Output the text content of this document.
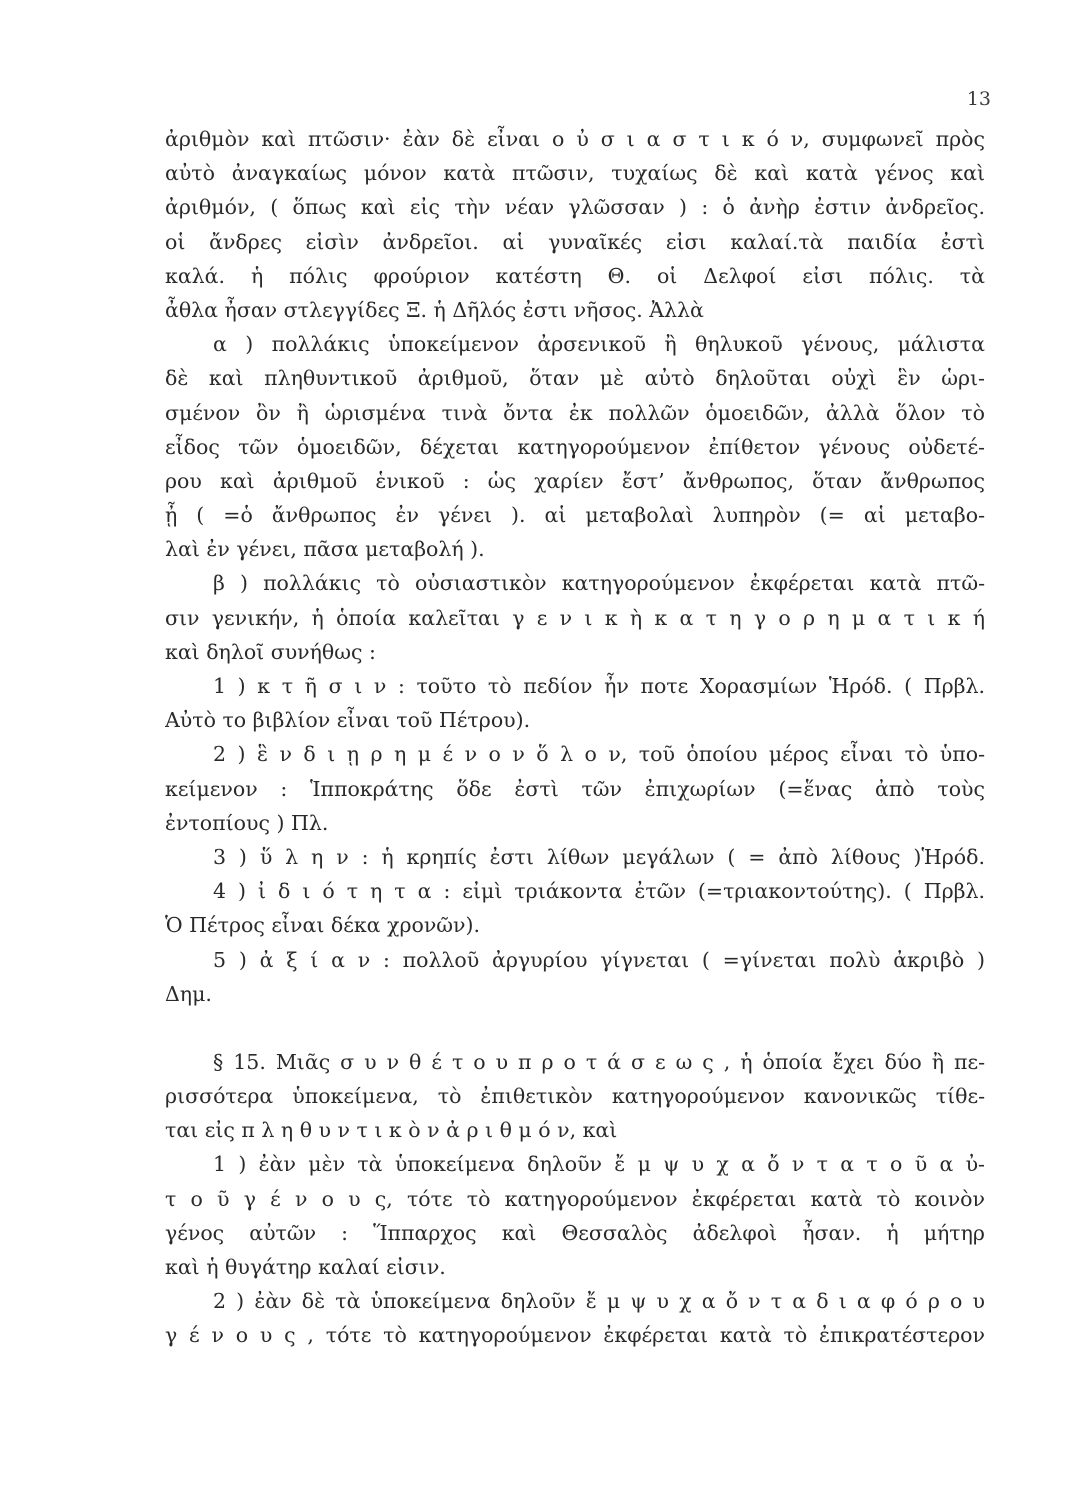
13
ἀριθμὸν καὶ πτῶσιν· ἐὰν δὲ εἶναι ο ὐ σ ι α σ τ ι κ ό ν, συμφωνεῖ πρὸς
αὐτὸ ἀναγκαίως μόνον κατὰ πτῶσιν, τυχαίως δὲ καὶ κατὰ γένος καὶ
ἀριθμόν, ( ὅπως καὶ εἰς τὴν νέαν γλῶσσαν ) : ὁ ἀνὴρ ἐστιν ἀνδρεῖος.
οἱ ἄνδρες εἰσὶν ἀνδρεῖοι. αἱ γυναῖκές εἰσι καλαί.τὰ παιδία ἐστὶ
καλά. ἡ πόλις φρούριον κατέστη Θ. οἱ Δελφοί εἰσι πόλις. τὰ
ἆθλα ἦσαν στλεγγίδες Ξ. ἡ Δῆλός ἐστι νῆσος. Ἀλλὰ
α ) πολλάκις ὑποκείμενον ἀρσενικοῦ ἢ θηλυκοῦ γένους, μάλιστα
δὲ καὶ πληθυντικοῦ ἀριθμοῦ, ὅταν μὲ αὐτὸ δηλοῦται οὐχὶ ἓν ὡρι-
σμένον ὂν ἢ ὡρισμένα τινὰ ὄντα ἐκ πολλῶν ὁμοειδῶν, ἀλλὰ ὅλον τὸ
εἶδος τῶν ὁμοειδῶν, δέχεται κατηγορούμενον ἐπίθετον γένους οὐδετέ-
ρου καὶ ἀριθμοῦ ἑνικοῦ : ὡς χαρίεν ἔστ’ ἄνθρωπος, ὅταν ἄνθρωπος
ᾖ ( =ὁ ἄνθρωπος ἐν γένει ). αἱ μεταβολαὶ λυπηρὸν (= αἱ μεταβο-
λαὶ ἐν γένει, πᾶσα μεταβολή ).
β ) πολλάκις τὸ οὐσιαστικὸν κατηγορούμενον ἐκφέρεται κατὰ πτῶ-
σιν γενικήν, ἡ ὁποία καλεῖται γ ε ν ι κ ὴ κ α τ η γ ο ρ η μ α τ ι κ ή
καὶ δηλοῖ συνήθως :
1 ) κ τ ῆ σ ι ν : τοῦτο τὸ πεδίον ἦν ποτε Χορασμίων Ἡρόδ. ( Πρβλ.
Αὐτὸ το βιβλίον εἶναι τοῦ Πέτρου).
2 ) ἓ ν δ ι ῃ ρ η μ έ ν ο ν ὅ λ ο ν, τοῦ ὁποίου μέρος εἶναι τὸ ὑπο-
κείμενον : Ἱπποκράτης ὅδε ἐστὶ τῶν ἐπιχωρίων (=ἕνας ἀπὸ τοὺς
ἐντοπίους ) Πλ.
3 ) ὕ λ η ν : ἡ κρηπίς ἐστι λίθων μεγάλων ( = ἀπὸ λίθους )Ἡρόδ.
4 ) ἰ δ ι ό τ η τ α : εἰμὶ τριάκοντα ἐτῶν (=τριακοντούτης). ( Πρβλ.
Ὁ Πέτρος εἶναι δέκα χρονῶν).
5 ) ἀ ξ ί α ν : πολλοῦ ἀργυρίου γίγνεται ( =γίνεται πολὺ ἀκριβὸ )
Δημ.
§ 15. Μιᾶς σ υ ν θ έ τ ο υ π ρ ο τ ά σ ε ω ς , ἡ ὁποία ἔχει δύο ἢ πε-
ρισσότερα ὑποκείμενα, τὸ ἐπιθετικὸν κατηγορούμενον κανονικῶς τίθε-
ται εἰς π λ η θ υ ν τ ι κ ὸ ν ἀ ρ ι θ μ ό ν, καὶ
1 ) ἐὰν μὲν τὰ ὑποκείμενα δηλοῦν ἔ μ ψ υ χ α ὄ ν τ α τ ο ῦ α ὐ-
τ ο ῦ γ έ ν ο υ ς, τότε τὸ κατηγορούμενον ἐκφέρεται κατὰ τὸ κοινὸν
γένος αὐτῶν : Ἵππαρχος καὶ Θεσσαλὸς ἀδελφοὶ ἦσαν. ἡ μήτηρ
καὶ ἡ θυγάτηρ καλαί εἰσιν.
2 ) ἐὰν δὲ τὰ ὑποκείμενα δηλοῦν ἔ μ ψ υ χ α ὄ ν τ α δ ι α φ ό ρ ο υ
γ έ ν ο υ ς , τότε τὸ κατηγορούμενον ἐκφέρεται κατὰ τὸ ἐπικρατέστερον
